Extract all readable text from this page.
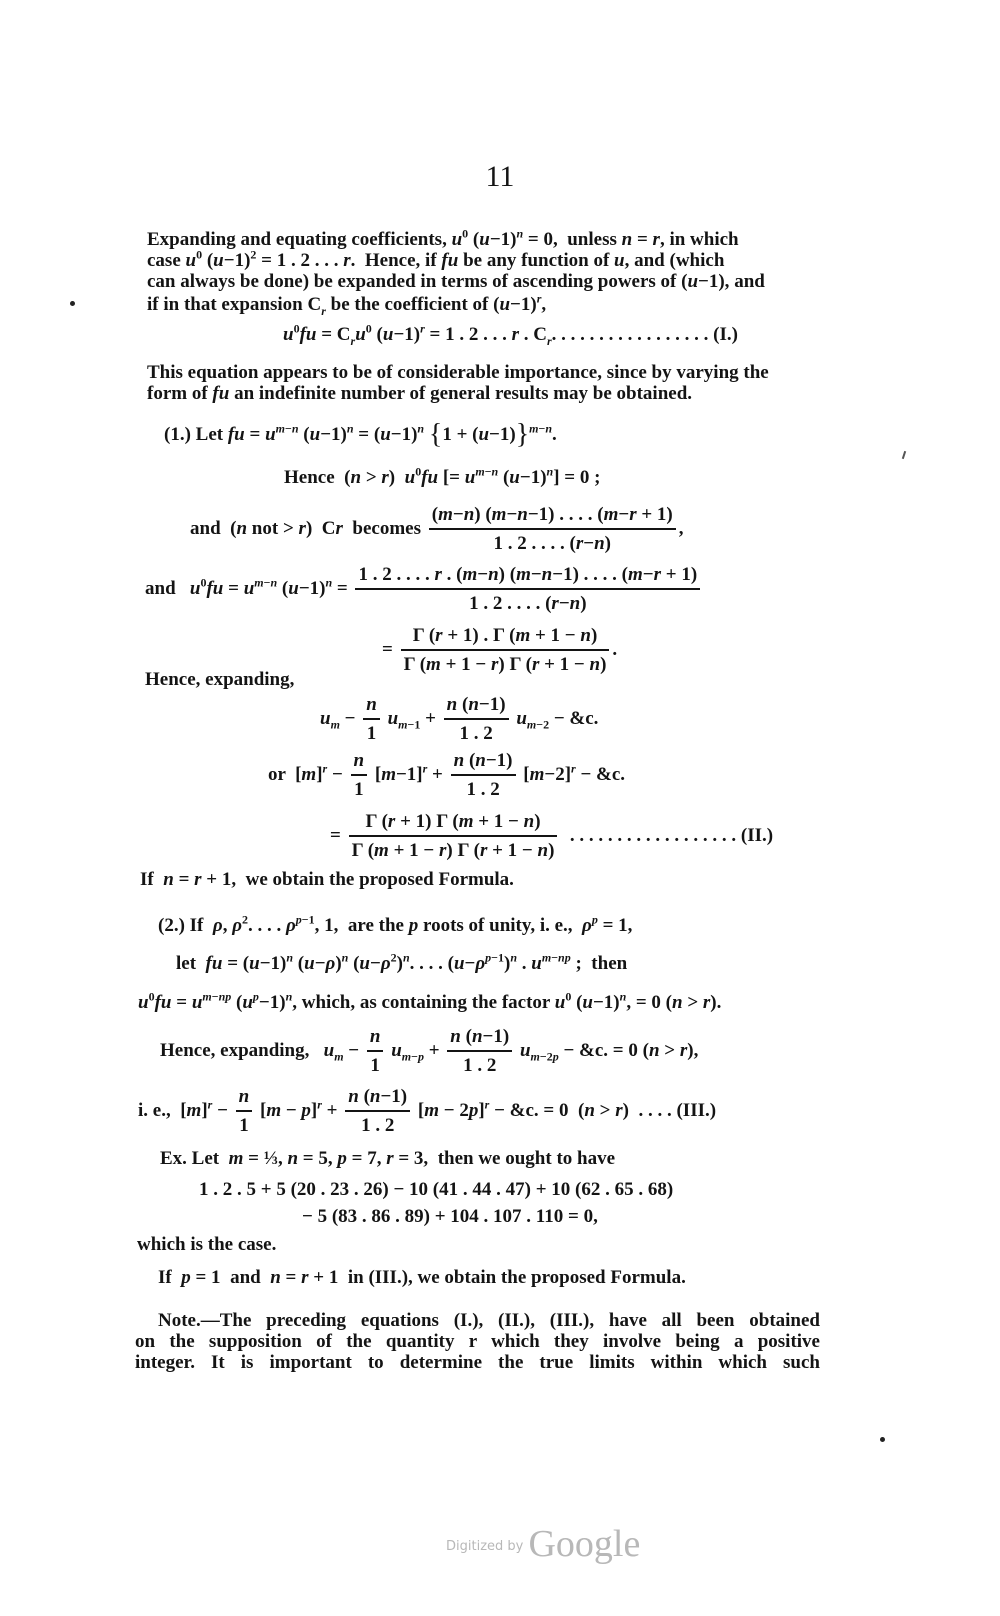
11
Expanding and equating coefficients, $u^0$ $(u-1)^n = 0$,  unless n = r, in which
case $u^0$ $(u-1)^2 = 1$ . 2 . . . r.  Hence, if fu be any function of u, and (which
can always be done) be expanded in terms of ascending powers of (u−1), and
if in that expansion $C_r$ be the coefficient of $(u-1)^r$,
$u^0fu = C_ru^0$ $(u-1)^r = 1$ . 2 . . . r . $C_r$. . . . . . . . . . . . . . . . . (I.)
This equation appears to be of considerable importance, since by varying the
form of fu an indefinite number of general results may be obtained.
(1.) Let fu = $u^{m-n}$ $(u-1)^n = (u-1)^n$ $\{1 + (u-1)\}^{m-n}$.
Hence  (n > r)  $u^0fu$ [= $u^{m-n}$ $(u-1)^n] = 0$ ;
and  (n not > r)  Cr becomes $\frac{(m-n) (m-n-1) . . . . (m-r + 1)}{1 . 2 . . . . (r-n)}$ ,
and $u^0fu = u^{m-n}$ $(u-1)^n = \frac{1 . 2 . . . . r . (m-n) (m-n-1) . . . . (m-r + 1)}{1 . 2 . . . . (r-n)}$
= $\frac{\Gamma (r + 1) . \Gamma (m + 1 - n)}{\Gamma (m + 1 - r) \Gamma (r + 1 - n)}$ .
Hence, expanding,
$u_m - \frac{n}{1} u_{m-1} + \frac{n (n-1)}{1 . 2} u_{m-2}$ − &c.
or  $[m]^r - \frac{n}{1} [m-1]^r + \frac{n (n-1)}{1 . 2} [m-2]^r$ − &c.
= $\frac{\Gamma (r + 1) \Gamma (m + 1 - n)}{\Gamma (m + 1 - r) \Gamma (r + 1 - n)}$ . . . . . . . . . . . . . . . . . . (II.)
If n = r + 1,  we obtain the proposed Formula.
(2.) If ρ, $\rho^2$. . . . $\rho^{p-1}$, 1,  are the p roots of unity, i. e., $\rho^p = 1$,
let fu = $(u-1)^n$ $(u-\rho)^n$ $(u-\rho^2)^n$. . . . $(u-\rho^{p-1})^n$ . $u^{m-np}$ ;  then
$u^0fu = u^{m-np}$ $(u^p-1)^n$, which, as containing the factor $u^0$ $(u-1)^n$, = 0 (n > r).
Hence, expanding, $u_m - \frac{n}{1} u_{m-p} + \frac{n (n-1)}{1 . 2} u_{m-2p}$ − &c. = 0 (n > r),
i. e.,  $[m]^r - \frac{n}{1} [m - p]^r + \frac{n (n-1)}{1 . 2} [m - 2p]^r$ − &c. = 0  (n > r)  . . . . (III.)
Ex. Let m = ⅓, n = 5, p = 7, r = 3,  then we ought to have
1 . 2 . 5 + 5 (20 . 23 . 26) − 10 (41 . 44 . 47) + 10 (62 . 65 . 68)
− 5 (83 . 86 . 89) + 104 . 107 . 110 = 0,
which is the case.
If p = 1  and n = r + 1  in (III.), we obtain the proposed Formula.
Note.—The preceding equations (I.), (II.), (III.), have all been obtained
on the supposition of the quantity r which they involve being a positive
integer. It is important to determine the true limits within which such
$^{Digitized by}$ Google
